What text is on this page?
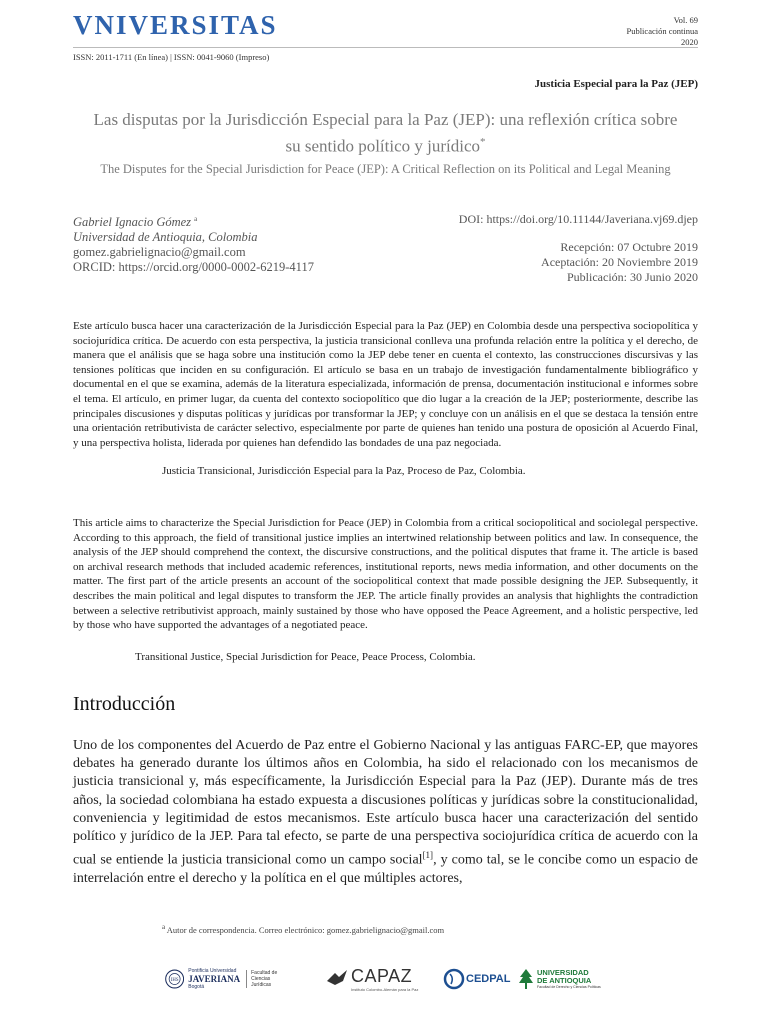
VNIVERSITAS	Vol. 69
Publicación continua
2020
ISSN: 2011-1711 (En línea) | ISSN: 0041-9060 (Impreso)
Justicia Especial para la Paz (JEP)
Las disputas por la Jurisdicción Especial para la Paz (JEP): una reflexión crítica sobre
su sentido político y jurídico*
The Disputes for the Special Jurisdiction for Peace (JEP): A Critical Reflection on its Political and Legal Meaning
Gabriel Ignacio Gómez $^a$
Universidad de Antioquia, Colombia
gomez.gabrielignacio@gmail.com
ORCID: https://orcid.org/0000-0002-6219-4117
DOI: https://doi.org/10.11144/Javeriana.vj69.djep
Recepción: 07 Octubre 2019
Aceptación: 20 Noviembre 2019
Publicación: 30 Junio 2020
Este artículo busca hacer una caracterización de la Jurisdicción Especial para la Paz (JEP) en Colombia desde una perspectiva sociopolítica y sociojurídica crítica. De acuerdo con esta perspectiva, la justicia transicional conlleva una profunda relación entre la política y el derecho, de manera que el análisis que se haga sobre una institución como la JEP debe tener en cuenta el contexto, las construcciones discursivas y las tensiones políticas que inciden en su configuración. El artículo se basa en un trabajo de investigación fundamentalmente bibliográfico y documental en el que se examina, además de la literatura especializada, información de prensa, documentación institucional e informes sobre el tema. El artículo, en primer lugar, da cuenta del contexto sociopolítico que dio lugar a la creación de la JEP; posteriormente, describe las principales discusiones y disputas políticas y jurídicas por transformar la JEP; y concluye con un análisis en el que se destaca la tensión entre una orientación retributivista de carácter selectivo, especialmente por parte de quienes han tenido una postura de oposición al Acuerdo Final, y una perspectiva holista, liderada por quienes han defendido las bondades de una paz negociada.
Justicia Transicional, Jurisdicción Especial para la Paz, Proceso de Paz, Colombia.
This article aims to characterize the Special Jurisdiction for Peace (JEP) in Colombia from a critical sociopolitical and sociolegal perspective. According to this approach, the field of transitional justice implies an intertwined relationship between politics and law. In consequence, the analysis of the JEP should comprehend the context, the discursive constructions, and the political disputes that frame it. The article is based on archival research methods that included academic references, institutional reports, news media information, and other documents on the matter. The first part of the article presents an account of the sociopolitical context that made possible designing the JEP. Subsequently, it describes the main political and legal disputes to transform the JEP. The article finally provides an analysis that highlights the contradiction between a selective retributivist approach, mainly sustained by those who have opposed the Peace Agreement, and a holistic perspective, led by those who have supported the advantages of a negotiated peace.
Transitional Justice, Special Jurisdiction for Peace, Peace Process, Colombia.
Introducción
Uno de los componentes del Acuerdo de Paz entre el Gobierno Nacional y las antiguas FARC-EP, que mayores debates ha generado durante los últimos años en Colombia, ha sido el relacionado con los mecanismos de justicia transicional y, más específicamente, la Jurisdicción Especial para la Paz (JEP). Durante más de tres años, la sociedad colombiana ha estado expuesta a discusiones políticas y jurídicas sobre la constitucionalidad, conveniencia y legitimidad de estos mecanismos. Este artículo busca hacer una caracterización del sentido político y jurídico de la JEP. Para tal efecto, se parte de una perspectiva sociojurídica crítica de acuerdo con la cual se entiende la justicia transicional como un campo social[1], y como tal, se le concibe como un espacio de interrelación entre el derecho y la política en el que múltiples actores,
$^a$ Autor de correspondencia. Correo electrónico: gomez.gabrielignacio@gmail.com
IHS
Pontificia Universidad
JAVERIANA
Bogotá
Facultad de Ciencias Jurídicas	CAPAZ
Instituto Colombo-Alemán para la Paz
CEDPAL
UNIVERSIDAD
DE ANTIOQUIA
Facultad de Derecho y Ciencias Políticas
